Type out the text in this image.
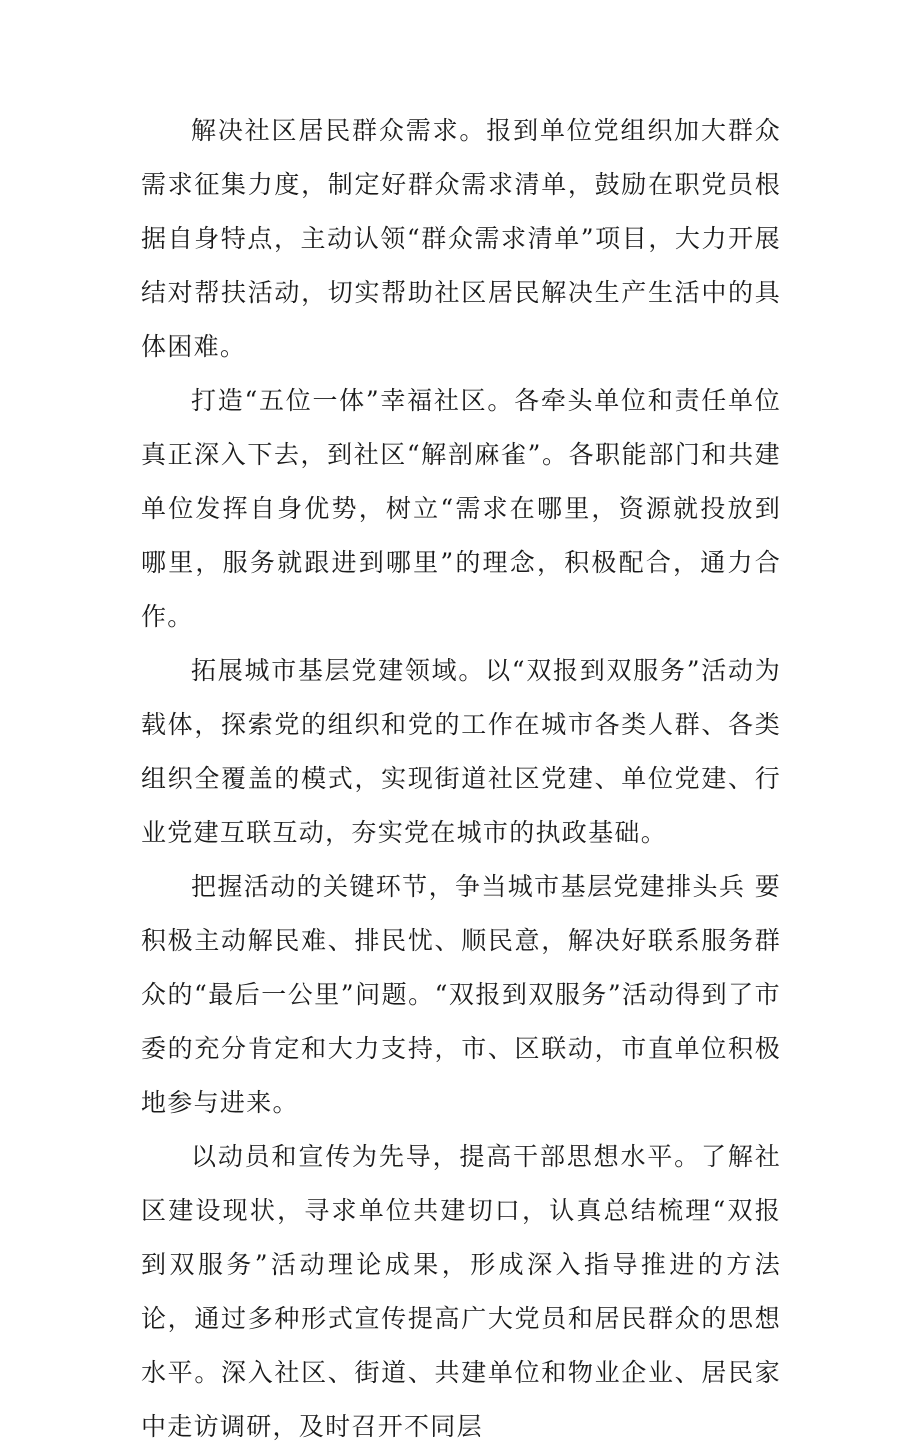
解决社区居民群众需求。报到单位党组织加大群众需求征集力度，制定好群众需求清单，鼓励在职党员根据自身特点，主动认领“群众需求清单”项目，大力开展结对帮扶活动，切实帮助社区居民解决生产生活中的具体困难。

打造“五位一体”幸福社区。各牵头单位和责任单位真正深入下去，到社区“解剖麻雀”。各职能部门和共建单位发挥自身优势，树立“需求在哪里，资源就投放到哪里，服务就跟进到哪里”的理念，积极配合，通力合作。

拓展城市基层党建领域。以“双报到双服务”活动为载体，探索党的组织和党的工作在城市各类人群、各类组织全覆盖的模式，实现街道社区党建、单位党建、行业党建互联互动，夯实党在城市的执政基础。

把握活动的关键环节，争当城市基层党建排头兵 要积极主动解民难、排民忧、顺民意，解决好联系服务群众的“最后一公里”问题。“双报到双服务”活动得到了市委的充分肯定和大力支持，市、区联动，市直单位积极地参与进来。

以动员和宣传为先导，提高干部思想水平。了解社区建设现状，寻求单位共建切口，认真总结梳理“双报到双服务”活动理论成果，形成深入指导推进的方法论，通过多种形式宣传提高广大党员和居民群众的思想水平。深入社区、街道、共建单位和物业企业、居民家中走访调研，及时召开不同层
